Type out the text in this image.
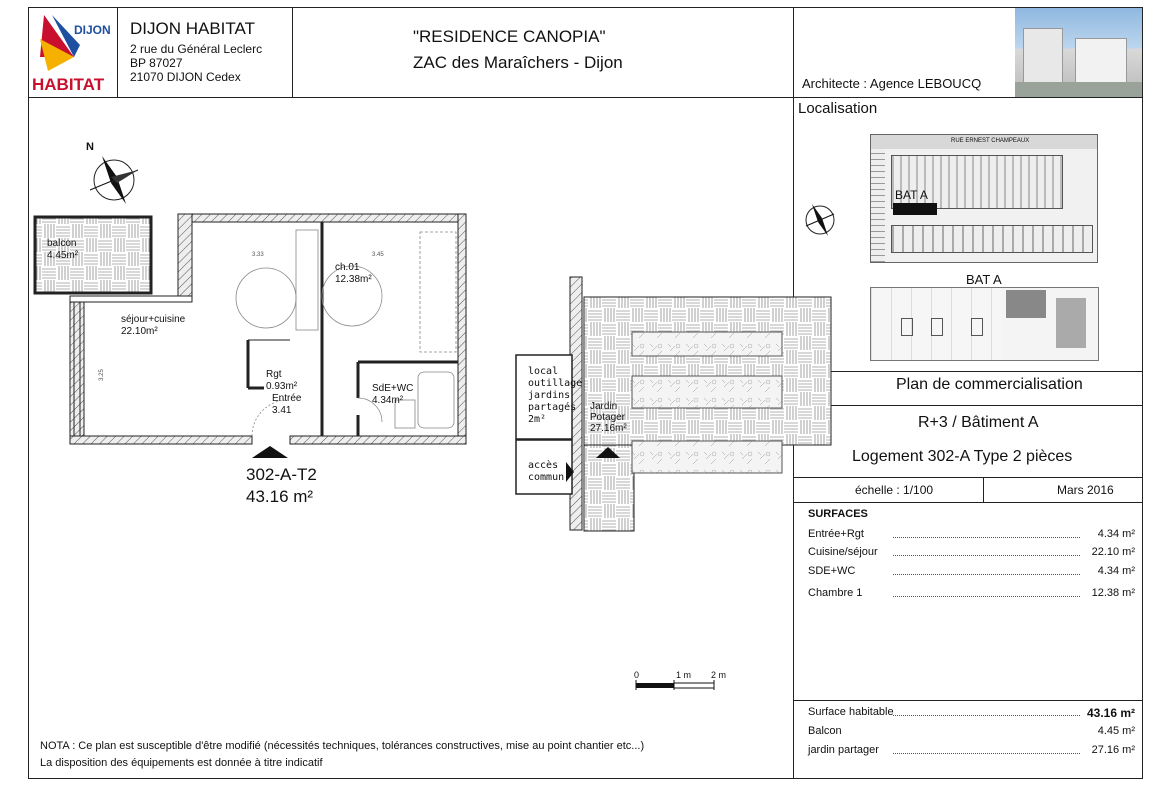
DIJON
HABITAT
DIJON HABITAT
2 rue du Général Leclerc
BP 87027
21070 DIJON Cedex
"RESIDENCE CANOPIA"
ZAC des Maraîchers - Dijon
Architecte : Agence LEBOUCQ
Localisation
RUE ERNEST CHAMPEAUX
BAT A
BAT A
Plan de commercialisation
R+3 / Bâtiment A
Logement 302-A Type 2 pièces
échelle : 1/100	Mars 2016
SURFACES
Entrée+Rgt	4.34 m²
Cuisine/séjour	22.10 m²
SDE+WC	4.34 m²
Chambre 1	12.38 m²
Surface habitable	43.16 m²
Balcon	4.45 m²
jardin partager	27.16 m²
N
balcon
4.45m²
séjour+cuisine
22.10m²
ch.01
12.38m²
Rgt
0.93m²
Entrée
3.41
SdE+WC
4.34m²
local
outillage
jardins
partagés
2m²
Jardin
Potager
27.16m²
accès
commun
3.33	3.45
3.25
302-A-T2
43.16 m²
0	1 m 2 m
NOTA : Ce plan est susceptible d'être modifié (nécessités techniques, tolérances constructives, mise au point chantier etc...)
La disposition des équipements est donnée à titre indicatif
